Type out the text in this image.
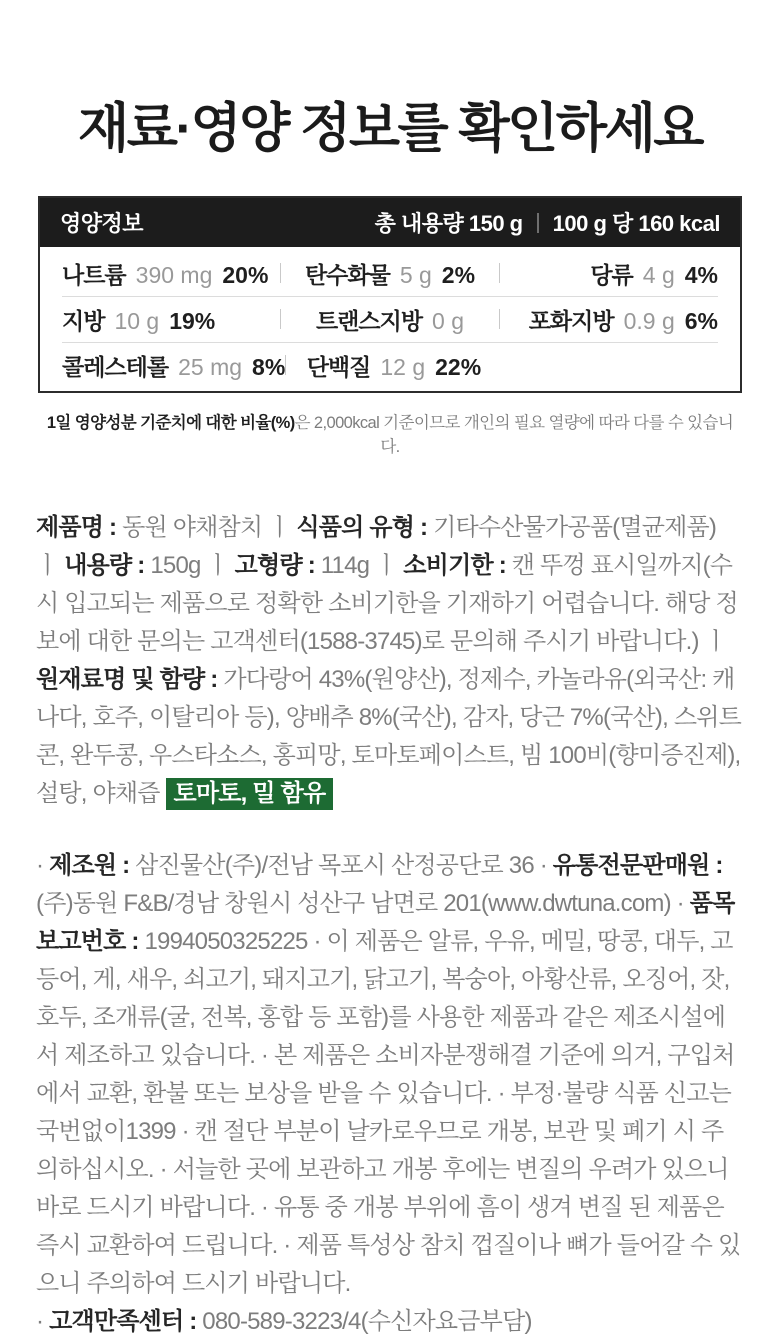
재료·영양 정보를 확인하세요
영양정보	총 내용량 150 g 100 g 당 160 kcal
나트륨 390 mg 20% 탄수화물 5 g 2%	당류 4 g 4%
지방 10 g 19%	트랜스지방 0 g	포화지방 0.9 g 6%
콜레스테롤 25 mg 8% 단백질 12 g 22%

1일 영양성분 기준치에 대한 비율(%)은 2,000kcal 기준이므로 개인의 필요 열량에 따라 다를 수 있습니다.

제품명 : 동원 야채참치 ㅣ 식품의 유형 : 기타수산물가공품(멸균제품) ㅣ 내용량 : 150g ㅣ 고형량 : 114g ㅣ 소비기한 : 캔 뚜껑 표시일까지(수시 입고되는 제품으로 정확한 소비기한을 기재하기 어렵습니다. 해당 정보에 대한 문의는 고객센터(1588-3745)로 문의해 주시기 바랍니다.) ㅣ 원재료명 및 함량 : 가다랑어 43%(원양산), 정제수, 카놀라유(외국산: 캐나다, 호주, 이탈리아 등), 양배추 8%(국산), 감자, 당근 7%(국산), 스위트콘, 완두콩, 우스타소스, 홍피망, 토마토페이스트, 빔 100비(향미증진제), 설탕, 야채즙 토마토, 밀 함유

· 제조원 : 삼진물산(주)/전남 목포시 산정공단로 36 · 유통전문판매원 : (주)동원 F&B/경남 창원시 성산구 남면로 201(www.dwtuna.com) · 품목보고번호 : 1994050325225 · 이 제품은 알류, 우유, 메밀, 땅콩, 대두, 고등어, 게, 새우, 쇠고기, 돼지고기, 닭고기, 복숭아, 아황산류, 오징어, 잣, 호두, 조개류(굴, 전복, 홍합 등 포함)를 사용한 제품과 같은 제조시설에서 제조하고 있습니다. · 본 제품은 소비자분쟁해결 기준에 의거, 구입처에서 교환, 환불 또는 보상을 받을 수 있습니다. · 부정·불량 식품 신고는 국번없이1399 · 캔 절단 부분이 날카로우므로 개봉, 보관 및 폐기 시 주의하십시오. · 서늘한 곳에 보관하고 개봉 후에는 변질의 우려가 있으니 바로 드시기 바랍니다. · 유통 중 개봉 부위에 흠이 생겨 변질 된 제품은 즉시 교환하여 드립니다. · 제품 특성상 참치 껍질이나 뼈가 들어갈 수 있으니 주의하여 드시기 바랍니다.

· 고객만족센터 : 080-589-3223/4(수신자요금부담)
